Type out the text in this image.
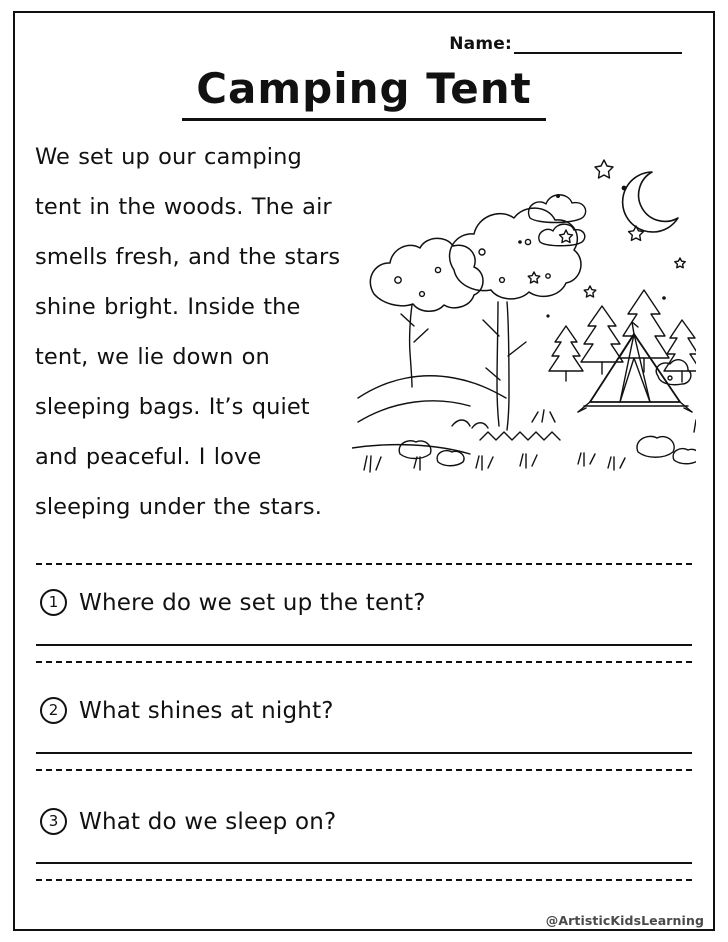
Name:
Camping Tent

We set up our camping tent in the woods. The air smells fresh, and the stars shine bright. Inside the tent, we lie down on sleeping bags. It’s quiet and peaceful. I love sleeping under the stars.

1 Where do we set up the tent?
2 What shines at night?
3 What do we sleep on?
@ArtisticKidsLearning
